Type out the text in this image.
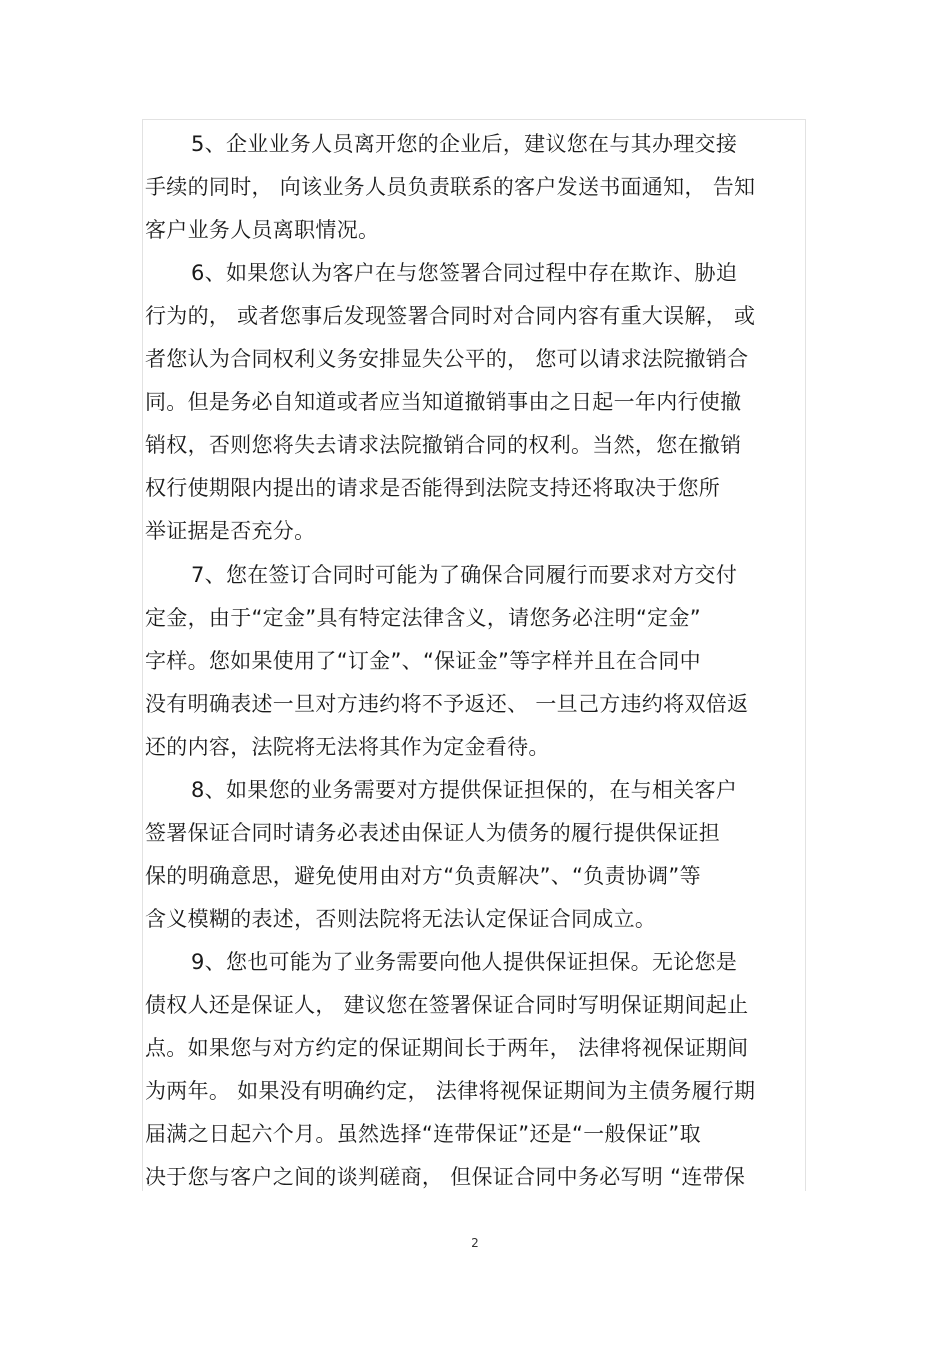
5、企业业务人员离开您的企业后，建议您在与其办理交接
手续的同时， 向该业务人员负责联系的客户发送书面通知， 告知
客户业务人员离职情况。
6、如果您认为客户在与您签署合同过程中存在欺诈、胁迫
行为的， 或者您事后发现签署合同时对合同内容有重大误解， 或
者您认为合同权利义务安排显失公平的， 您可以请求法院撤销合
同。但是务必自知道或者应当知道撤销事由之日起一年内行使撤
销权，否则您将失去请求法院撤销合同的权利。当然，您在撤销
权行使期限内提出的请求是否能得到法院支持还将取决于您所
举证据是否充分。
7、您在签订合同时可能为了确保合同履行而要求对方交付
定金，由于“定金”具有特定法律含义，请您务必注明“定金”
字样。您如果使用了“订金”、“保证金”等字样并且在合同中
没有明确表述一旦对方违约将不予返还、 一旦己方违约将双倍返
还的内容，法院将无法将其作为定金看待。
8、如果您的业务需要对方提供保证担保的，在与相关客户
签署保证合同时请务必表述由保证人为债务的履行提供保证担
保的明确意思，避免使用由对方“负责解决”、“负责协调”等
含义模糊的表述，否则法院将无法认定保证合同成立。
9、您也可能为了业务需要向他人提供保证担保。无论您是
债权人还是保证人， 建议您在签署保证合同时写明保证期间起止
点。如果您与对方约定的保证期间长于两年， 法律将视保证期间
为两年。 如果没有明确约定， 法律将视保证期间为主债务履行期
届满之日起六个月。虽然选择“连带保证”还是“一般保证”取
决于您与客户之间的谈判磋商， 但保证合同中务必写明 “连带保
2
